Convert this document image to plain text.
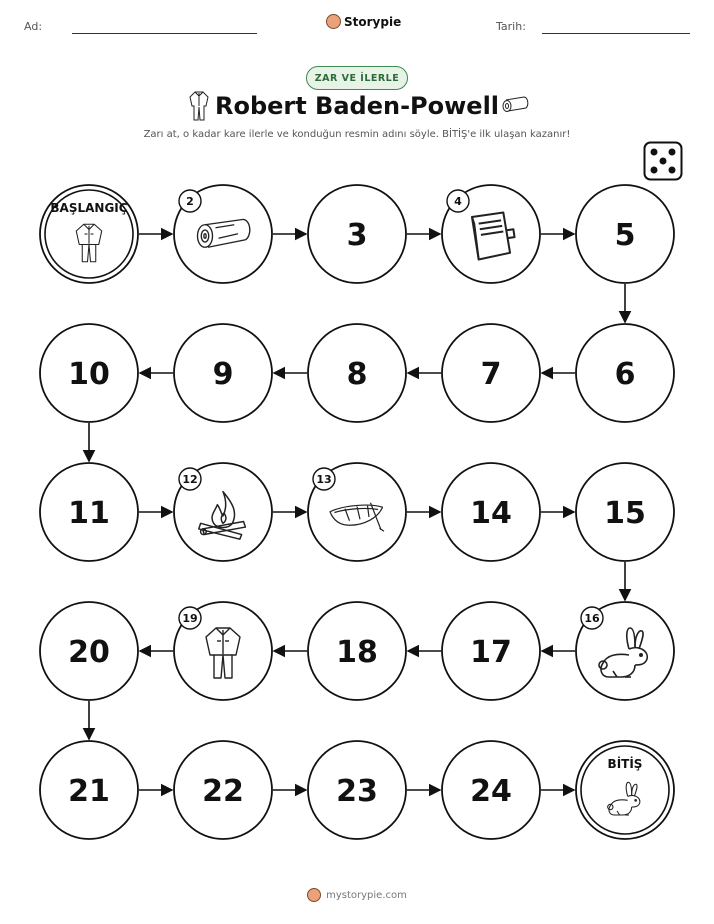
Ad:	Storypie	Tarih:
ZAR VE İLERLE
Robert Baden-Powell
Zarı at, o kadar kare ilerle ve konduğun resmin adını söyle. BİTİŞ'e ilk ulaşan kazanır!
BAŞLANGIÇ	2
3
4
5
6
7
8
9
10
11
12	13
14	15
16
17
18
19
20
21	22	23	24
BİTİŞ
mystorypie.com
